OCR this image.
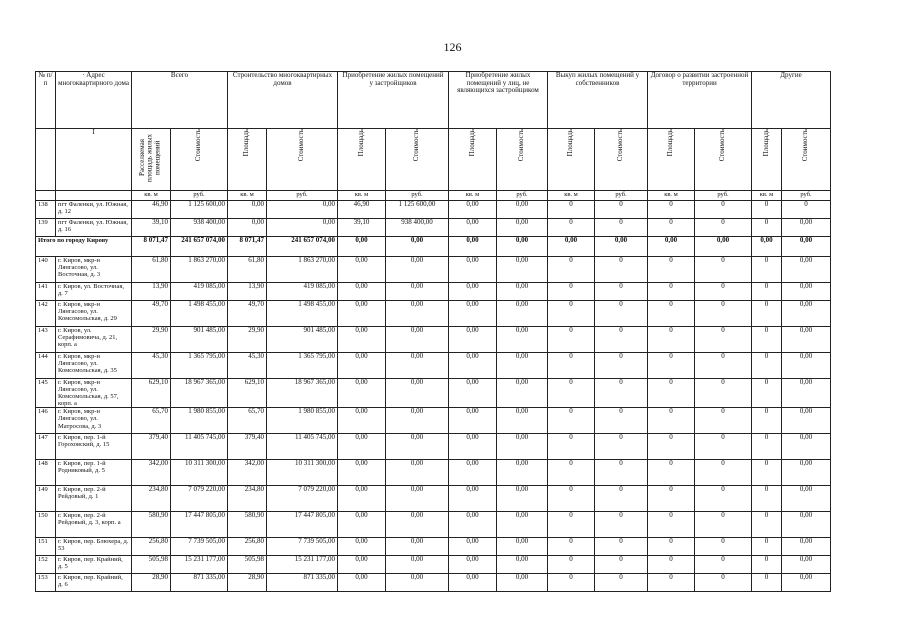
126
№ п/п	· Адрес многоквартирного дома	Всего		Строительство многоквартирных домов		Приобретение жилых помещений у застройщиков		Приобретение жилых помещений у лиц, не являющихся застройщиком		Выкуп жилых помещений у собственников		Договор о развитии застроенной территории		Другие	
	I	Расселяемая площадь жилых помещений	Стоимость	Площадь	Стоимость	Площадь	Стоимость	Площадь	Стоимость	Площадь	Стоимость	Площадь	Стоимость	Площадь	Стоимость
		кв. м	руб.	кв. м	руб.	кв. м	руб.	кв. м	руб.	кв. м	руб.	кв. м	руб.	кв. м	руб.
138	пгт Фаленки, ул. Южная, д. 12	46,90	1 125 600,00	0,00	0,00	46,90	1 125 600,00	0,00	0,00	0	0	0	0	0	0
139	пгт Фаленки, ул. Южная, д. 16	39,10	938 400,00	0,00	0,00	39,10	938 400,00	0,00	0,00	0	0	0	0	0	0,00
Итого по городу Кирову		8 071,47	241 657 074,00	8 071,47	241 657 074,00	0,00	0,00	0,00	0,00	0,00	0,00	0,00	0,00	0,00	0,00
140	г. Киров, мкр-н Лянгасово, ул. Восточная, д. 3	61,80	1 863 270,00	61,80	1 863 270,00	0,00	0,00	0,00	0,00	0	0	0	0	0	0,00
141	г. Киров, ул. Восточная, д. 7	13,90	419 085,00	13,90	419 085,00	0,00	0,00	0,00	0,00	0	0	0	0	0	0,00
142	г. Киров, мкр-н Лянгасово, ул. Комсомольская, д. 29	49,70	1 498 455,00	49,70	1 498 455,00	0,00	0,00	0,00	0,00	0	0	0	0	0	0,00
143	г. Киров, ул. Серафимовича, д. 21, корп. а	29,90	901 485,00	29,90	901 485,00	0,00	0,00	0,00	0,00	0	0	0	0	0	0,00
144	г. Киров, мкр-н Лянгасово, ул. Комсомольская, д. 35	45,30	1 365 795,00	45,30	1 365 795,00	0,00	0,00	0,00	0,00	0	0	0	0	0	0,00
145	г. Киров, мкр-н Лянгасово, ул. Комсомольская, д. 57, корп. а	629,10	18 967 365,00	629,10	18 967 365,00	0,00	0,00	0,00	0,00	0	0	0	0	0	0,00
146	г. Киров, мкр-н Лянгасово, ул. Матросова, д. 3	65,70	1 980 855,00	65,70	1 980 855,00	0,00	0,00	0,00	0,00	0	0	0	0	0	0,00
147	г. Киров, пер. 1-й Гороховский, д. 15	379,40	11 405 745,00	379,40	11 405 745,00	0,00	0,00	0,00	0,00	0	0	0	0	0	0,00
148	г. Киров, пер. 1-й Родниковый, д. 5	342,00	10 311 300,00	342,00	10 311 300,00	0,00	0,00	0,00	0,00	0	0	0	0	0	0,00
149	г. Киров, пер. 2-й Рейдовый, д. 1	234,80	7 079 220,00	234,80	7 079 220,00	0,00	0,00	0,00	0,00	0	0	0	0	0	0,00
150	г. Киров, пер. 2-й Рейдовый, д. 3, корп. а	580,90	17 447 805,00	580,90	17 447 805,00	0,00	0,00	0,00	0,00	0	0	0	0	0	0,00
151	г. Киров, пер. Блюхера, д. 53	256,80	7 739 505,00	256,80	7 739 505,00	0,00	0,00	0,00	0,00	0	0	0	0	0	0,00
152	г. Киров, пер. Крайний, д. 5	505,98	15 231 177,00	505,98	15 231 177,00	0,00	0,00	0,00	0,00	0	0	0	0	0	0,00
153	г. Киров, пер. Крайний, д. 6	28,90	871 335,00	28,90	871 335,00	0,00	0,00	0,00	0,00	0	0	0	0	0	0,00
